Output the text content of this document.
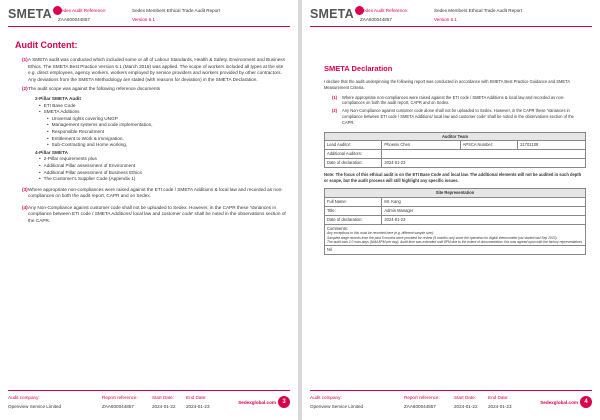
SMETA	Sedex Audit Reference:
ZAA600044857
Sedex Members Ethical Trade Audit Report
Version 6.1
Audit Content:
(1) A SMETA audit was conducted which included some or all of Labour Standards, Health & Safety, Environment and Business Ethics. The SMETA Best Practice Version 6.1 (March 2019) was applied. The scope of workers included all types at the site e.g. direct employees, agency workers, workers employed by service providers and workers provided by other contractors. Any deviations from the SMETA Methodology are stated (with reasons for deviation) in the SMETA Declaration.
(2) The audit scope was against the following reference documents
2-Pillar SMETA Audit
• ETI Base Code
• SMETA Additions
• Universal rights covering UNGP
• Management systems and code implementation,
• Responsible Recruitment
• Entitlement to Work & immigration,
• Sub-Contracting and Home working,
4-Pillar SMETA
• 2-Pillar requirements plus
• Additional Pillar assessment of Environment
• Additional Pillar assessment of Business Ethics
• The Customer's Supplier Code (Appendix 1)
(3) Where appropriate non-compliances were raised against the ETI code / SMETA Additions & local law and recorded as non-compliances on both the audit report, CAPR and on Sedex.
(4) Any Non-Compliance against customer code shall not be uploaded to Sedex. However, in the CAPR these 'Variances in compliance between ETI code / SMETA Additions/ local law and customer code' shall be noted in the observations section of the CAPR.
Audit company:
Openview Service Limited
Report reference:
ZAA600044857
Start Date:
2024-01-22
End Date:
2024-01-23
Sedexglobal.com	3
SMETA	Sedex Audit Reference:
ZAA600044857
Sedex Members Ethical Trade Audit Report
Version 6.1
SMETA Declaration
I declare that the audit underpinning the following report was conducted in accordance with SMETA Best Practice Guidance and SMETA Measurement Criteria.
(1)	Where appropriate non-compliances were raised against the ETI code / SMETA Additions & local law and recorded as non-compliances on both the audit report, CAPR and on Sedex.
(2)	Any Non-Compliance against customer code alone shall not be uploaded to Sedex. However, in the CAPR these 'Variances in compliance between ETI code / SMETA Additions/ local law and customer code' shall be noted in the observations section of the CAPR.
Auditor Team			
Lead Auditor:	Phoenix Chen	APSCA Number:	21702108
Additional Auditors:			
Date of declaration:	2024-01-23		
Note: The focus of this ethical audit is on the ETI Base Code and local law. The additional elements will not be audited in such depth or scope, but the audit process will still highlight any specific issues.
Site Representation	
Full Name:	Mr. Kang
Title:	Admin Manager
Date of declaration:	2024-01-23

Comments:
Any exceptions to this must be recorded here (e.g. different sample size):
Sampled wage records from the past 5 months were provided for review (5 months only since the operation for digital thermometer just started last Sep 2023).
The audit took 2.0 man-days (9AM-8PM per day). Audit time was extended until 8PM due to the extent of documentation; this was agreed upon with the factory representatives	

Nil	
Audit company:
Openview Service Limited
Report reference:
ZAA600044857
Start Date:
2024-01-22
End Date:
2024-01-23
Sedexglobal.com	4
